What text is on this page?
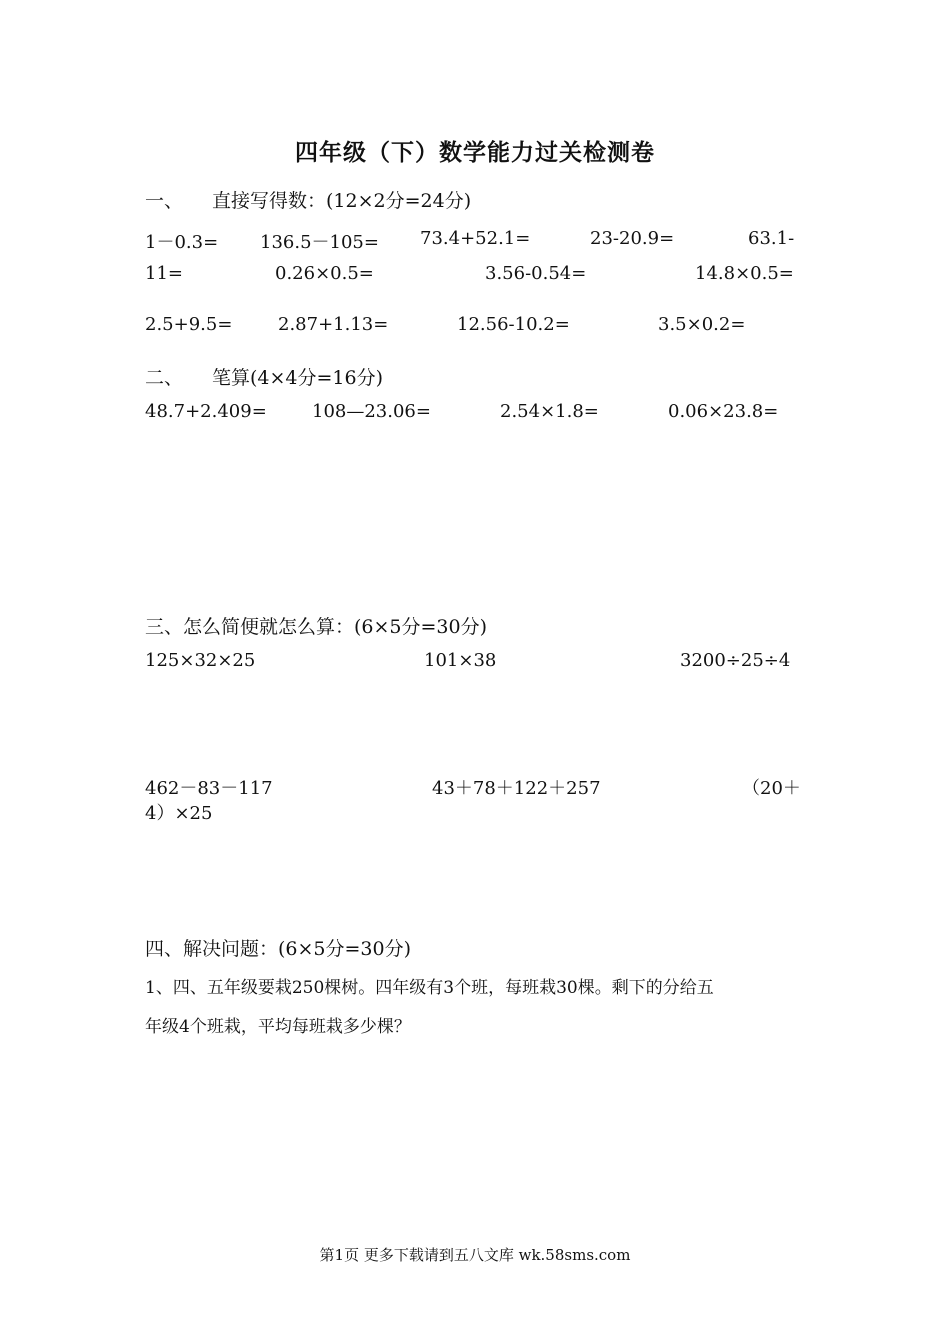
四年级（下）数学能力过关检测卷
一、 直接写得数：(12×2分=24分)
1－0.3= 136.5－105= 73.4+52.1=	23-20.9=	63.1-
11=	0.26×0.5=	3.56-0.54=	14.8×0.5=
2.5+9.5=	2.87+1.13=	12.56-10.2=	3.5×0.2=
二、 笔算(4×4分=16分)
48.7+2.409=	108—23.06=	2.54×1.8=	0.06×23.8=
三、怎么简便就怎么算：(6×5分=30分)
125×32×25	101×38	3200÷25÷4
462－83－117	43＋78＋122＋257	（20＋
4）×25
四、解决问题：(6×5分=30分)
1、四、五年级要栽250棵树。四年级有3个班，每班栽30棵。剩下的分给五
年级4个班栽，平均每班栽多少棵？
第1页 更多下载请到五八文库 wk.58sms.com
